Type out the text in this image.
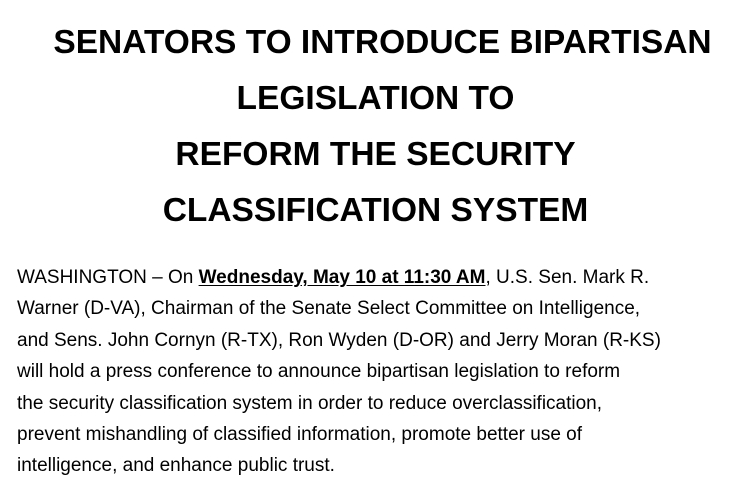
SENATORS TO INTRODUCE BIPARTISAN
LEGISLATION TO
REFORM THE SECURITY
CLASSIFICATION SYSTEM

WASHINGTON – On Wednesday, May 10 at 11:30 AM, U.S. Sen. Mark R.
Warner (D-VA), Chairman of the Senate Select Committee on Intelligence,
and Sens. John Cornyn (R-TX), Ron Wyden (D-OR) and Jerry Moran (R-KS)
will hold a press conference to announce bipartisan legislation to reform
the security classification system in order to reduce overclassification,
prevent mishandling of classified information, promote better use of
intelligence, and enhance public trust.
